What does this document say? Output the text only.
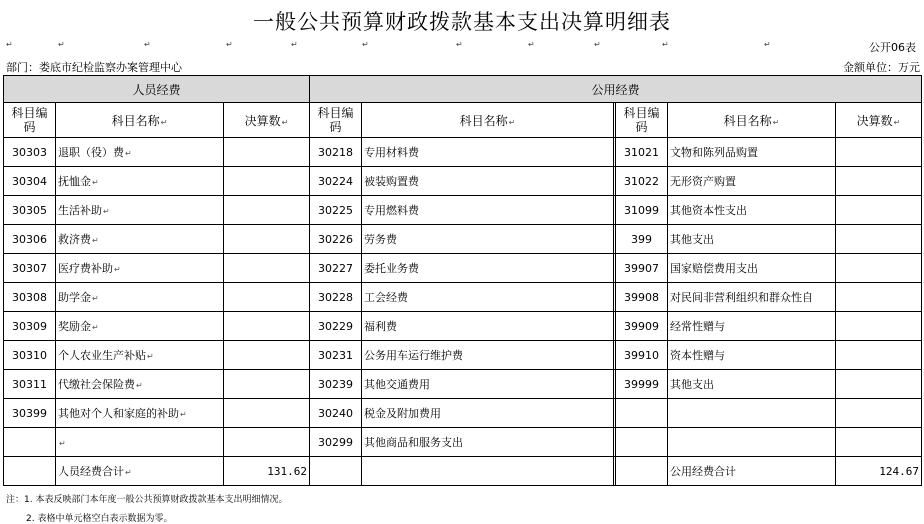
一般公共预算财政拨款基本支出决算明细表
↵	↵	↵	↵	↵	↵	↵	↵	↵	↵	↵	公开06表
部门：娄底市纪检监察办案管理中心	金额单位：万元
人员经费			公用经费					
科目编码	科目名称↵	决算数↵	科目编码	科目名称↵		科目编码	科目名称↵	决算数↵
30303	退职（役）费↵		30218	专用材料费		31021	文物和陈列品购置	
30304	抚恤金↵		30224	被装购置费		31022	无形资产购置	
30305	生活补助↵		30225	专用燃料费		31099	其他资本性支出	
30306	救济费↵		30226	劳务费		399	其他支出	
30307	医疗费补助↵		30227	委托业务费		39907	国家赔偿费用支出	
30308	助学金↵		30228	工会经费		39908	对民间非营利组织和群众性自	
30309	奖励金↵		30229	福利费		39909	经常性赠与	
30310	个人农业生产补贴↵		30231	公务用车运行维护费		39910	资本性赠与	
30311	代缴社会保险费↵		30239	其他交通费用		39999	其他支出	
30399	其他对个人和家庭的补助↵		30240	税金及附加费用				
	↵		30299	其他商品和服务支出				
	人员经费合计↵	131.62					公用经费合计	124.67
注：1. 本表反映部门本年度一般公共预算财政拨款基本支出明细情况。
2. 表格中单元格空白表示数据为零。
